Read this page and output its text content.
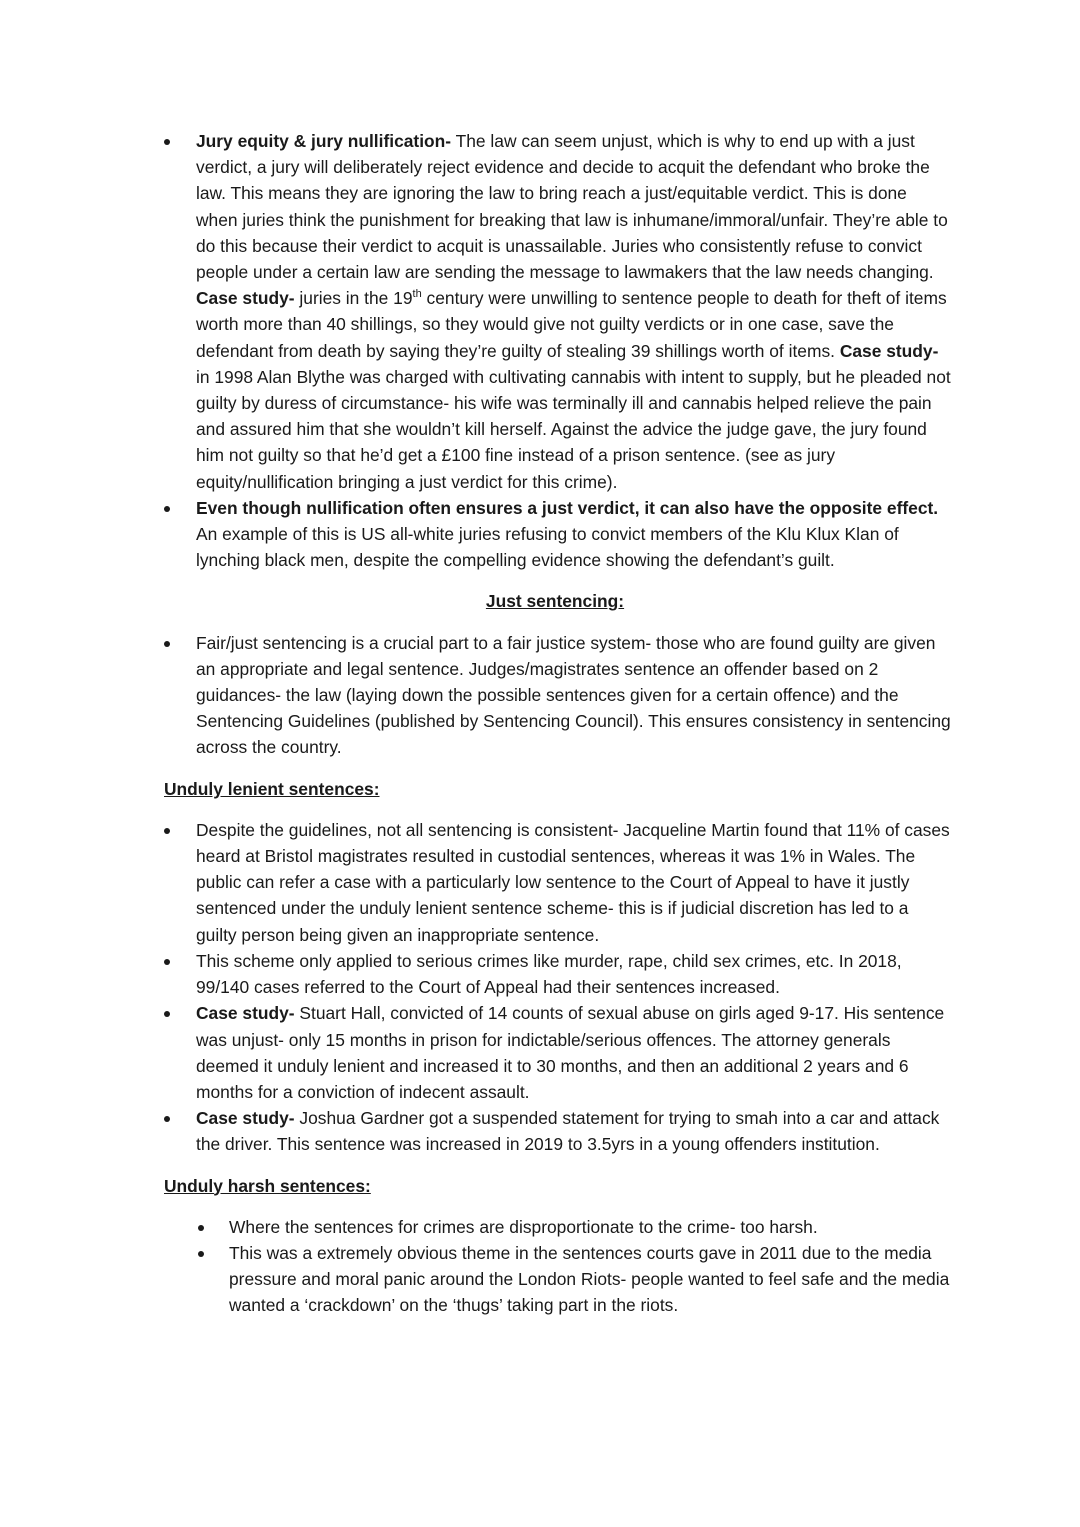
Jury equity & jury nullification- The law can seem unjust, which is why to end up with a just verdict, a jury will deliberately reject evidence and decide to acquit the defendant who broke the law. This means they are ignoring the law to bring reach a just/equitable verdict. This is done when juries think the punishment for breaking that law is inhumane/immoral/unfair. They’re able to do this because their verdict to acquit is unassailable. Juries who consistently refuse to convict people under a certain law are sending the message to lawmakers that the law needs changing. Case study- juries in the 19th century were unwilling to sentence people to death for theft of items worth more than 40 shillings, so they would give not guilty verdicts or in one case, save the defendant from death by saying they’re guilty of stealing 39 shillings worth of items. Case study- in 1998 Alan Blythe was charged with cultivating cannabis with intent to supply, but he pleaded not guilty by duress of circumstance- his wife was terminally ill and cannabis helped relieve the pain and assured him that she wouldn’t kill herself. Against the advice the judge gave, the jury found him not guilty so that he’d get a £100 fine instead of a prison sentence. (see as jury equity/nullification bringing a just verdict for this crime).
Even though nullification often ensures a just verdict, it can also have the opposite effect. An example of this is US all-white juries refusing to convict members of the Klu Klux Klan of lynching black men, despite the compelling evidence showing the defendant’s guilt.
Just sentencing:
Fair/just sentencing is a crucial part to a fair justice system- those who are found guilty are given an appropriate and legal sentence. Judges/magistrates sentence an offender based on 2 guidances- the law (laying down the possible sentences given for a certain offence) and the Sentencing Guidelines (published by Sentencing Council). This ensures consistency in sentencing across the country.
Unduly lenient sentences:
Despite the guidelines, not all sentencing is consistent- Jacqueline Martin found that 11% of cases heard at Bristol magistrates resulted in custodial sentences, whereas it was 1% in Wales. The public can refer a case with a particularly low sentence to the Court of Appeal to have it justly sentenced under the unduly lenient sentence scheme- this is if judicial discretion has led to a guilty person being given an inappropriate sentence.
This scheme only applied to serious crimes like murder, rape, child sex crimes, etc. In 2018, 99/140 cases referred to the Court of Appeal had their sentences increased.
Case study- Stuart Hall, convicted of 14 counts of sexual abuse on girls aged 9-17. His sentence was unjust- only 15 months in prison for indictable/serious offences. The attorney generals deemed it unduly lenient and increased it to 30 months, and then an additional 2 years and 6 months for a conviction of indecent assault.
Case study- Joshua Gardner got a suspended statement for trying to smah into a car and attack the driver. This sentence was increased in 2019 to 3.5yrs in a young offenders institution.
Unduly harsh sentences:
Where the sentences for crimes are disproportionate to the crime- too harsh.
This was a extremely obvious theme in the sentences courts gave in 2011 due to the media pressure and moral panic around the London Riots- people wanted to feel safe and the media wanted a ‘crackdown’ on the ‘thugs’ taking part in the riots.
